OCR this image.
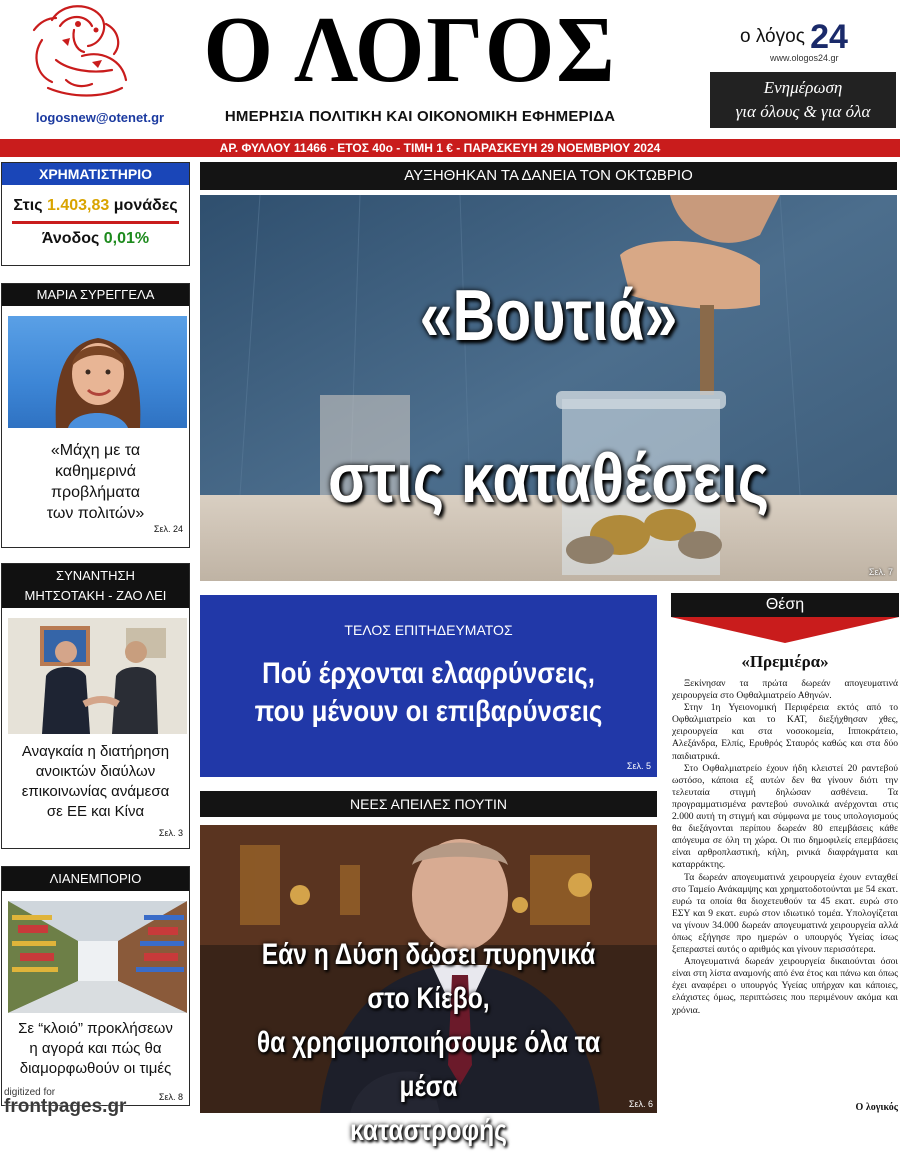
logosnew@otenet.gr
Ο ΛΟΓΟΣ
ΗΜΕΡΗΣΙΑ ΠΟΛΙΤΙΚΗ ΚΑΙ ΟΙΚΟΝΟΜΙΚΗ ΕΦΗΜΕΡΙΔΑ
ο λόγος 24
www.ologos24.gr
Ενημέρωση
για όλους & για όλα
ΑΡ. ΦΥΛΛΟΥ 11466 - ΕΤΟΣ 40ο - ΤΙΜΗ 1 € - ΠΑΡΑΣΚΕΥΗ 29 ΝΟΕΜΒΡΙΟΥ 2024
ΧΡΗΜΑΤΙΣΤΗΡΙΟ
Στις 1.403,83 μονάδες
Άνοδος 0,01%
ΜΑΡΙΑ ΣΥΡΕΓΓΕΛΑ
«Μάχη με τα
καθημερινά
προβλήματα
των πολιτών»
Σελ. 24
ΣΥΝΑΝΤΗΣΗ
ΜΗΤΣΟΤΑΚΗ - ΖΑΟ ΛΕΙ
Αναγκαία η διατήρηση
ανοικτών διαύλων
επικοινωνίας ανάμεσα
σε ΕΕ και Κίνα
Σελ. 3
ΛΙΑΝΕΜΠΟΡΙΟ
Σε “κλοιό” προκλήσεων
η αγορά και πώς θα
διαμορφωθούν οι τιμές
Σελ. 8
ΑΥΞΗΘΗΚΑΝ ΤΑ ΔΑΝΕΙΑ ΤΟΝ ΟΚΤΩΒΡΙΟ
Σελ. 7
«Βουτιά»
στις καταθέσεις
Σελ. 5
ΤΕΛΟΣ ΕΠΙΤΗΔΕΥΜΑΤΟΣ
Πού έρχονται ελαφρύνσεις,
που μένουν οι επιβαρύνσεις
ΝΕΕΣ ΑΠΕΙΛΕΣ ΠΟΥΤΙΝ
Σελ. 6
Εάν η Δύση δώσει πυρηνικά στο Κίεβο,
θα χρησιμοποιήσουμε όλα τα μέσα
καταστροφής
Θέση
«Πρεμιέρα»

Ξεκίνησαν τα πρώτα δωρεάν απογευματινά χειρουργεία στο Οφθαλμιατρείο Αθηνών.

Στην 1η Υγειονομική Περιφέρεια εκτός από το Οφθαλμιατρείο και το ΚΑΤ, διεξήχθησαν χθες, χειρουργεία και στα νοσοκομεία, Ιπποκράτειο, Αλεξάνδρα, Ελπίς, Ερυθρός Σταυρός καθώς και στα δύο παιδιατρικά.

Στο Οφθαλμιατρείο έχουν ήδη κλειστεί 20 ραντεβού ωστόσο, κάποια εξ αυτών δεν θα γίνουν διότι την τελευταία στιγμή δηλώσαν ασθένεια. Τα προγραμματισμένα ραντεβού συνολικά ανέρχονται στις 2.000 αυτή τη στιγμή και σύμφωνα με τους υπολογισμούς θα διεξάγονται περίπου δωρεάν 80 επεμβάσεις κάθε απόγευμα σε όλη τη χώρα. Οι πιο δημοφιλείς επεμβάσεις είναι αρθροπλαστική, κήλη, ρινικά διαφράγματα και καταρράκτης.

Τα δωρεάν απογευματινά χειρουργεία έχουν ενταχθεί στο Ταμείο Ανάκαμψης και χρηματοδοτούνται με 54 εκατ. ευρώ τα οποία θα διοχετευθούν τα 45 εκατ. ευρώ στο ΕΣΥ και 9 εκατ. ευρώ στον ιδιωτικό τομέα. Υπολογίζεται να γίνουν 34.000 δωρεάν απογευματινά χειρουργεία αλλά όπως εξήγησε προ ημερών ο υπουργός Υγείας ίσως ξεπεραστεί αυτός ο αριθμός και γίνουν περισσότερα.

Απογευματινά δωρεάν χειρουργεία δικαιούνται όσοι είναι στη λίστα αναμονής από ένα έτος και πάνω και όπως έχει αναφέρει ο υπουργός Υγείας υπήρχαν και κάποιες, ελάχιστες όμως, περιπτώσεις που περιμένουν ακόμα και χρόνια.

Ο λογικός
digitized for
frontpages.gr
